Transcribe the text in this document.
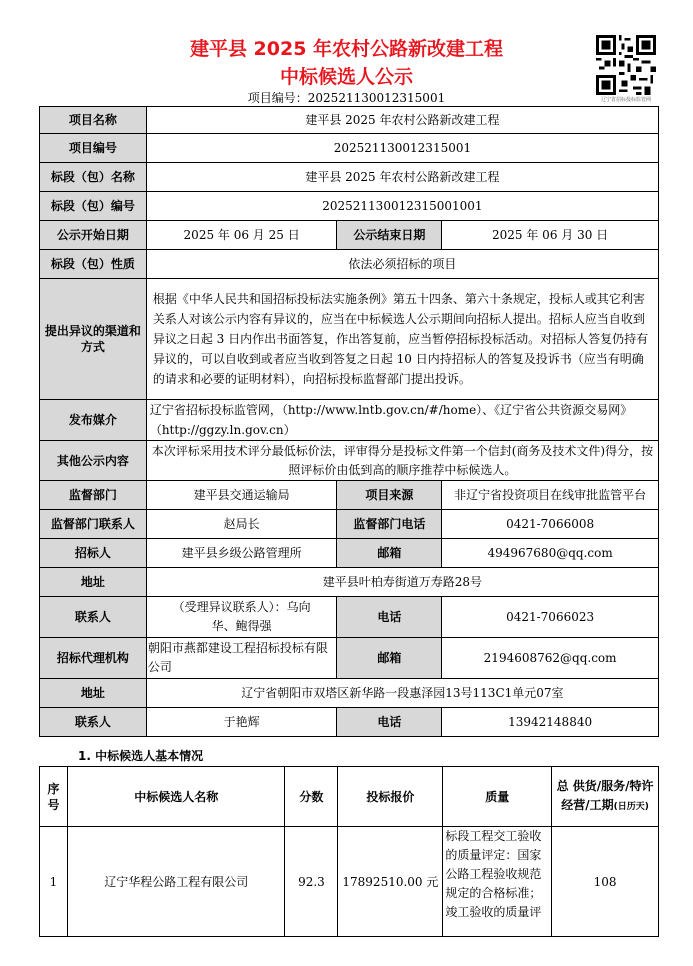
建平县 2025 年农村公路新改建工程
中标候选人公示
项目编号：202521130012315001	辽宁省招标投标监管网
项目名称	建平县 2025 年农村公路新改建工程		
项目编号	202521130012315001		
标段（包）名称	建平县 2025 年农村公路新改建工程		
标段（包）编号	202521130012315001001		
公示开始日期	2025 年 06 月 25 日	公示结束日期	2025 年 06 月 30 日
标段（包）性质	依法必须招标的项目		
提出异议的渠道和方式	根据《中华人民共和国招标投标法实施条例》第五十四条、第六十条规定，投标人或其它利害关系人对该公示内容有异议的，应当在中标候选人公示期间向招标人提出。招标人应当自收到异议之日起 3 日内作出书面答复，作出答复前，应当暂停招标投标活动。对招标人答复仍持有异议的，可以自收到或者应当收到答复之日起 10 日内持招标人的答复及投诉书（应当有明确的请求和必要的证明材料），向招标投标监督部门提出投诉。		
发布媒介	辽宁省招标投标监管网，（http://www.lntb.gov.cn/#/home）、《辽宁省公共资源交易网》（http://ggzy.ln.gov.cn）		
其他公示内容	本次评标采用技术评分最低标价法，评审得分是投标文件第一个信封(商务及技术文件)得分，按照评标价由低到高的顺序推荐中标候选人。		
监督部门	建平县交通运输局	项目来源	非辽宁省投资项目在线审批监管平台
监督部门联系人	赵局长	监督部门电话	0421-7066008
招标人	建平县乡级公路管理所	邮箱	494967680@qq.com
地址	建平县叶柏寿街道万寿路28号		
联系人	（受理异议联系人）：乌向华、鲍得强	电话	0421-7066023
招标代理机构	朝阳市燕都建设工程招标投标有限公司	邮箱	2194608762@qq.com
地址	辽宁省朝阳市双塔区新华路一段惠泽园13号113C1单元07室		
联系人	于艳辉	电话	13942148840
1. 中标候选人基本情况
序号	中标候选人名称	分数	投标报价	质量	总 供货/服务/特许经营/工期(日历天)
1	辽宁华程公路工程有限公司	92.3	17892510.00 元	标段工程交工验收的质量评定：国家公路工程验收规范规定的合格标准；竣工验收的质量评	108
